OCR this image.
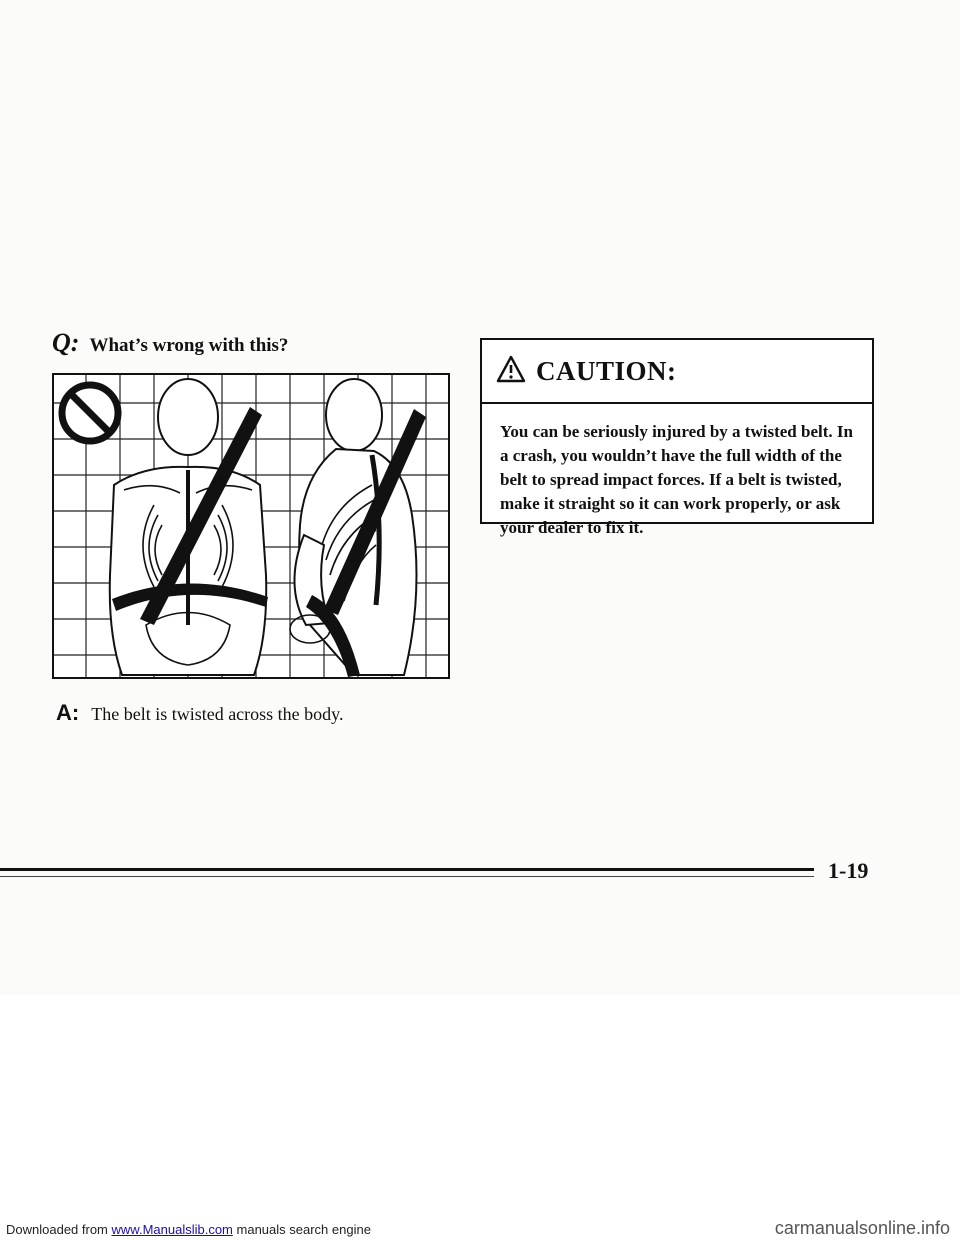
Q: What’s wrong with this?
A: The belt is twisted across the body.
CAUTION:
You can be seriously injured by a twisted belt. In a crash, you wouldn’t have the full width of the belt to spread impact forces. If a belt is twisted, make it straight so it can work properly, or ask your dealer to fix it.
1-19
Downloaded from www.Manualslib.com manuals search engine	carmanualsonline.info
